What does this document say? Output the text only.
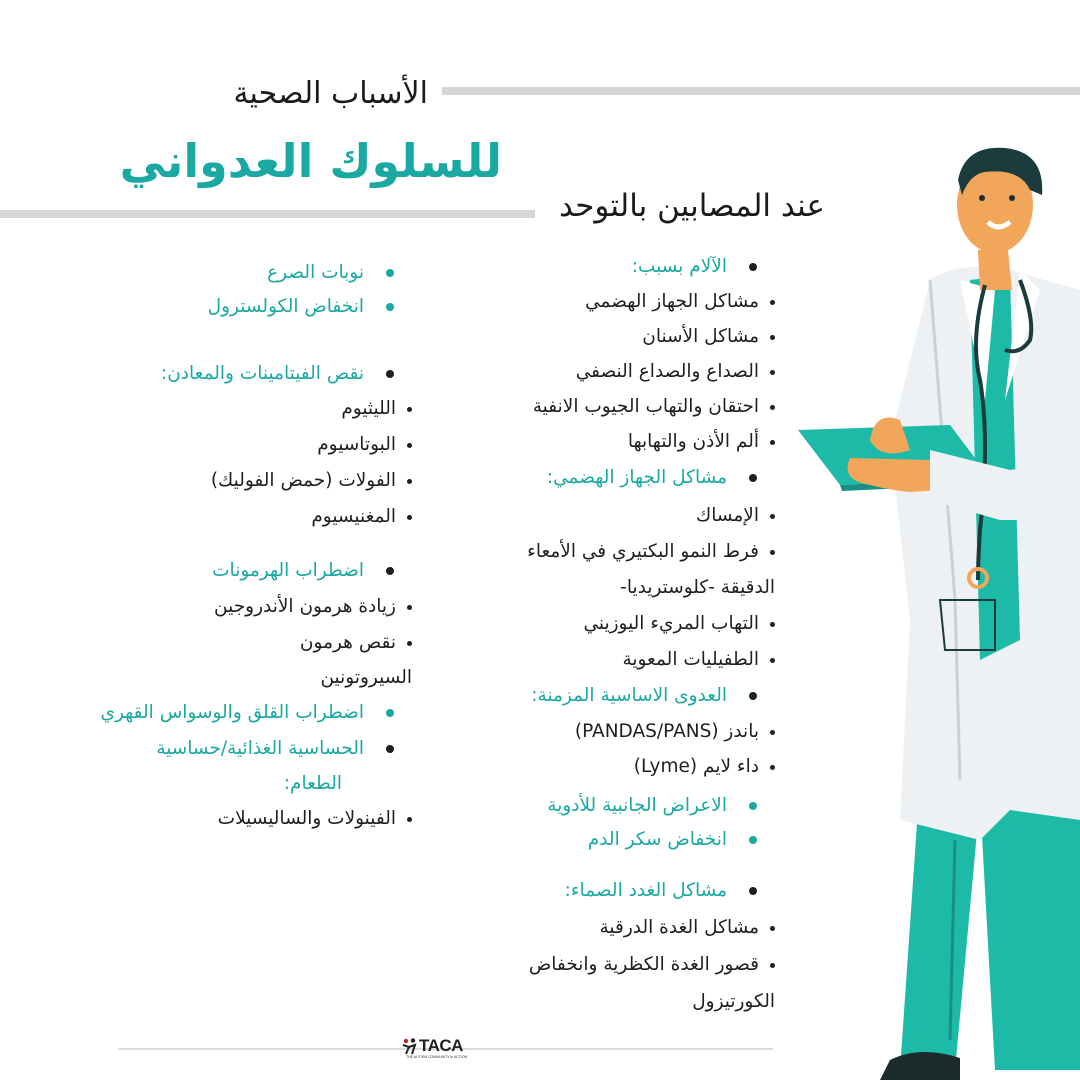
الأسباب الصحية
للسلوك العدواني
عند المصابين بالتوحد
الآلام بسبب:
مشاكل الجهاز الهضمي
مشاكل الأسنان
الصداع والصداع النصفي
احتقان والتهاب الجيوب الانفية
ألم الأذن والتهابها
مشاكل الجهاز الهضمي:
الإمساك
فرط النمو البكتيري في الأمعاء
الدقيقة -كلوستريديا-
التهاب المريء اليوزيني
الطفيليات المعوية
العدوى الاساسية المزمنة:
باندز (PANDAS/PANS)
داء لايم (Lyme)
الاعراض الجانبية للأدوية
انخفاض سكر الدم
مشاكل الغدد الصماء:
مشاكل الغدة الدرقية
قصور الغدة الكظرية وانخفاض
الكورتيزول
نوبات الصرع
انخفاض الكولسترول
نقص الفيتامينات والمعادن:
الليثيوم
البوتاسيوم
الفولات (حمض الفوليك)
المغنيسيوم
اضطراب الهرمونات
زيادة هرمون الأندروجين
نقص هرمون
السيروتونين
اضطراب القلق والوسواس القهري
الحساسية الغذائية/حساسية
الطعام:
الفينولات والساليسيلات
TACA
THE AUTISM COMMUNITY in ACTION
